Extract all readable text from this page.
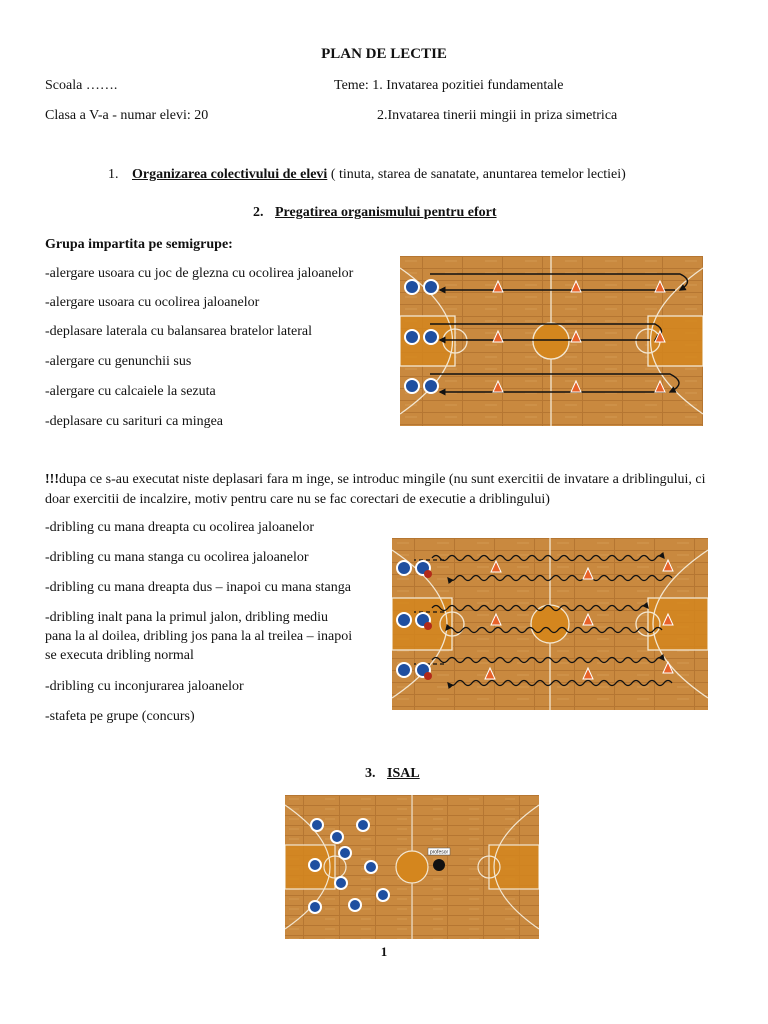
PLAN DE LECTIE
Scoala …….	Teme: 1. Invatarea pozitiei fundamentale
Clasa a V-a - numar elevi: 20	2.Invatarea tinerii mingii in priza simetrica
1. Organizarea colectivului de elevi ( tinuta, starea de sanatate, anuntarea temelor lectiei)
2. Pregatirea organismului pentru efort
Grupa impartita pe semigrupe:
-alergare usoara cu joc de glezna cu ocolirea jaloanelor
-alergare usoara cu ocolirea jaloanelor
-deplasare laterala cu balansarea bratelor lateral
-alergare cu genunchii sus
-alergare cu calcaiele la sezuta
-deplasare cu sarituri ca mingea
!!!dupa ce s-au executat niste deplasari fara m inge, se introduc mingile (nu sunt exercitii de invatare a driblingului, ci doar exercitii de incalzire, motiv pentru care nu se fac corectari de executie a driblingului)
-dribling cu mana dreapta cu ocolirea jaloanelor
-dribling cu mana stanga cu ocolirea jaloanelor
-dribling cu mana dreapta dus – inapoi cu mana stanga
-dribling inalt pana la primul jalon, dribling mediu
pana la al doilea, dribling jos pana la al treilea – inapoi
se executa dribling normal
-dribling cu inconjurarea jaloanelor
-stafeta pe grupe (concurs)
3. ISAL
profesor
1
